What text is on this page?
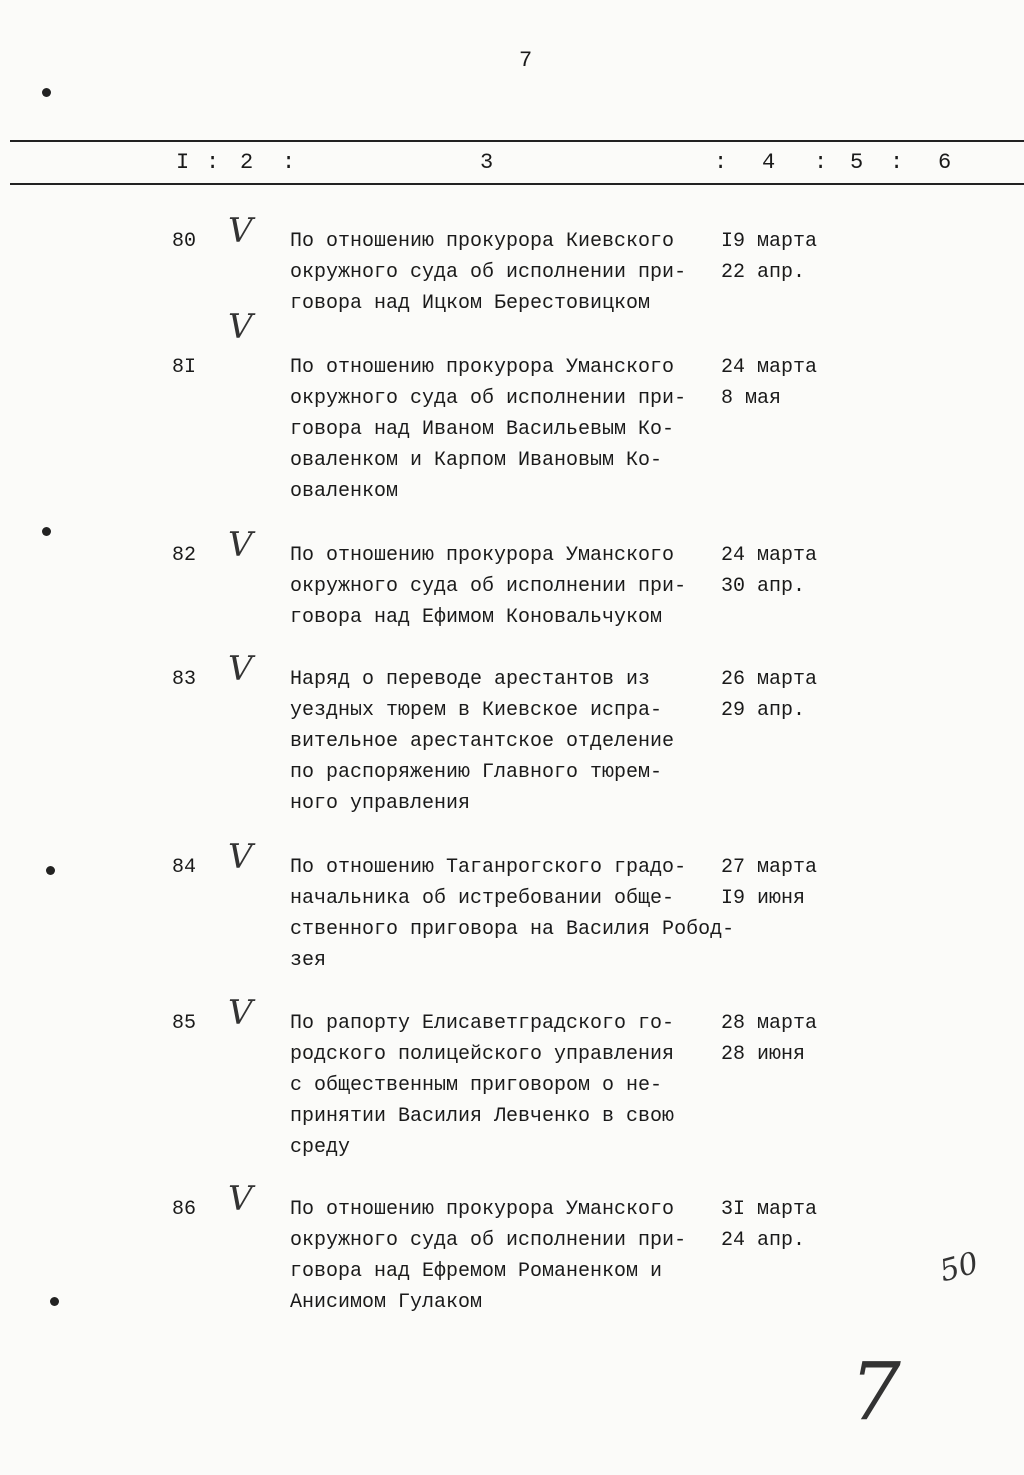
7
I : 2 :	3	: 4 : 5 : 6
80 V По отношению прокурора Киевского
окружного суда об исполнении при-
говора над Ицком Берестовицком
I9 марта
22 апр.
8I
V
По отношению прокурора Уманского
окружного суда об исполнении при-
говора над Иваном Васильевым Ко-
оваленком и Карпом Ивановым Ко-
оваленком
24 марта
8 мая
82 V По отношению прокурора Уманского
окружного суда об исполнении при-
говора над Ефимом Коновальчуком
24 марта
30 апр.
83 V Наряд о переводе арестантов из
уездных тюрем в Киевское испра-
вительное арестантское отделение
по распоряжению Главного тюрем-
ного управления
26 марта
29 апр.
84 V По отношению Таганрогского градо-
начальника об истребовании обще-
ственного приговора на Василия Робод-
зея
27 марта
I9 июня
85 V По рапорту Елисаветградского го-
родского полицейского управления
с общественным приговором о не-
принятии Василия Левченко в свою
среду
28 марта
28 июня
86 V По отношению прокурора Уманского
окружного суда об исполнении при-
говора над Ефремом Романенком и
Анисимом Гулаком
3I марта
24 апр.
50
7
